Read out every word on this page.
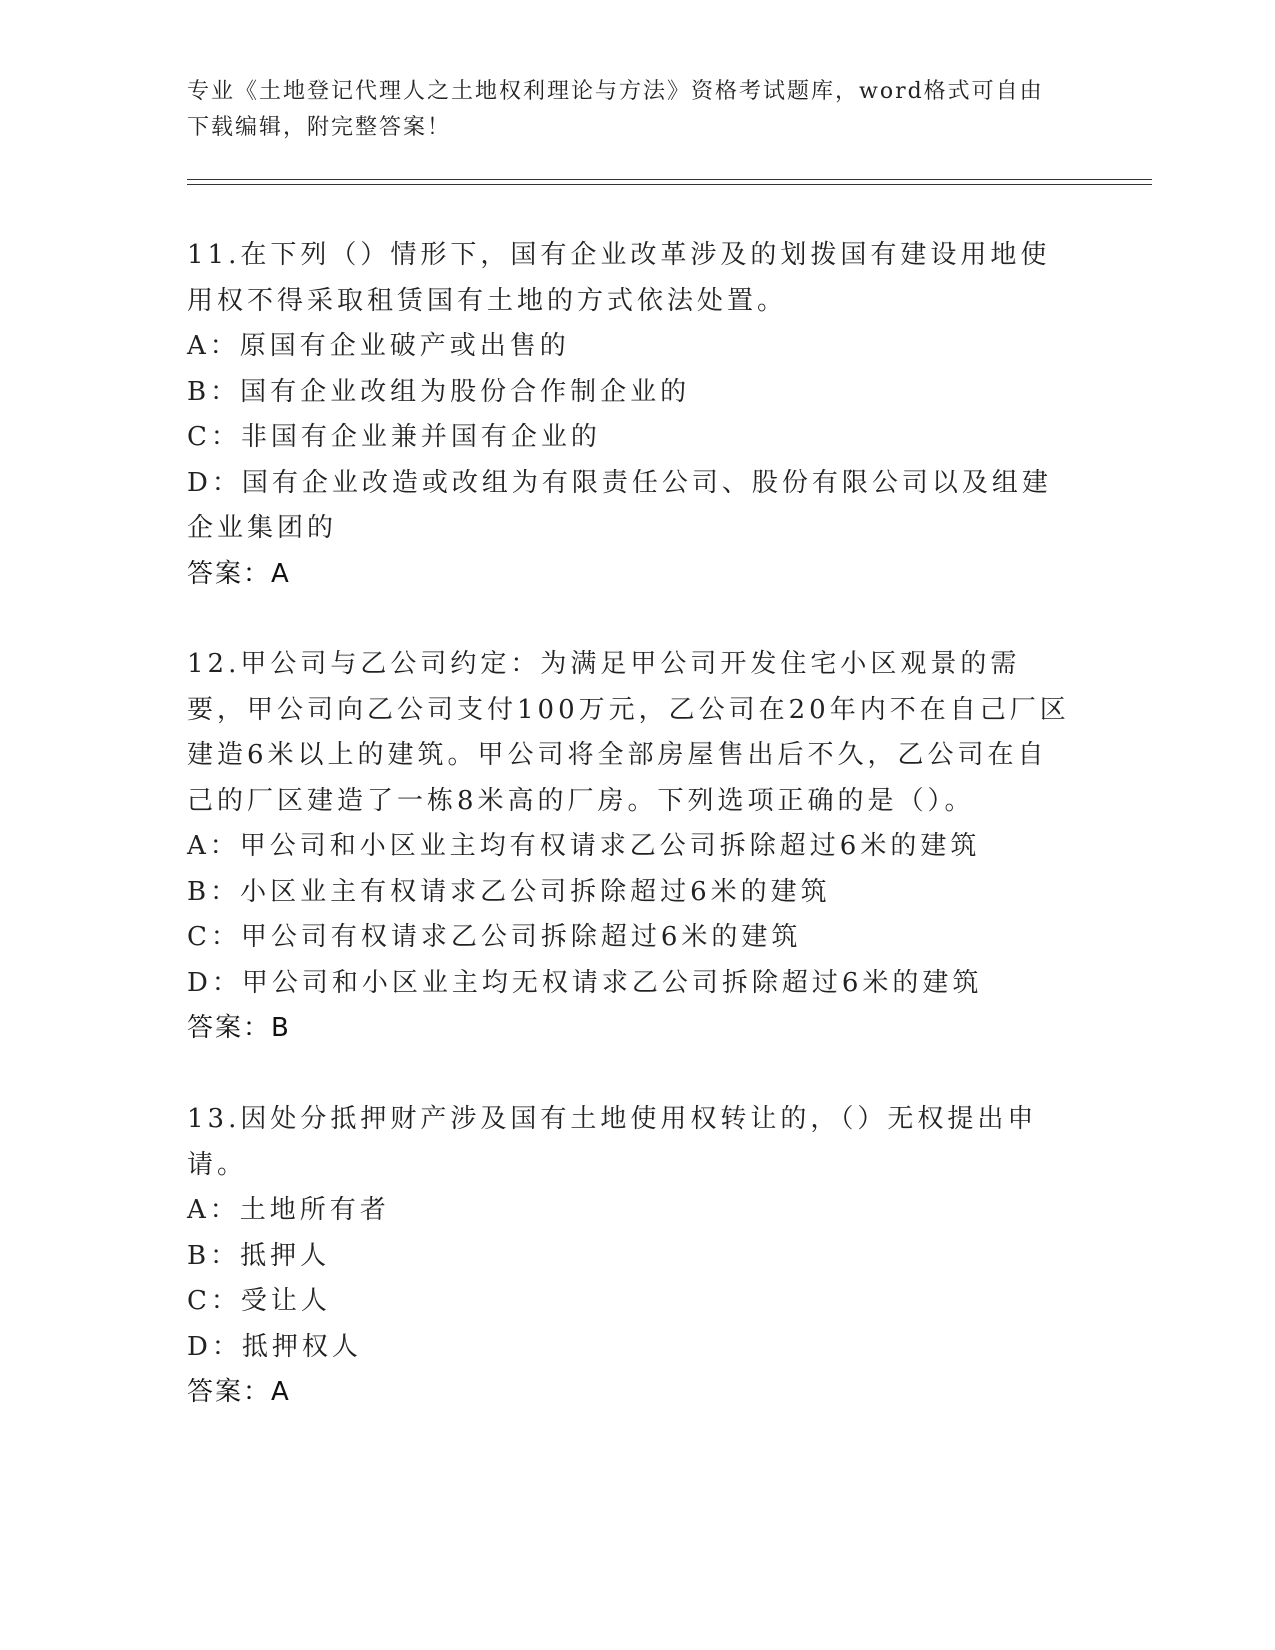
专业《土地登记代理人之土地权利理论与方法》资格考试题库，word格式可自由下载编辑，附完整答案！

11.在下列（）情形下，国有企业改革涉及的划拨国有建设用地使用权不得采取租赁国有土地的方式依法处置。

A：原国有企业破产或出售的

B：国有企业改组为股份合作制企业的

C：非国有企业兼并国有企业的

D：国有企业改造或改组为有限责任公司、股份有限公司以及组建企业集团的

答案：A

12.甲公司与乙公司约定：为满足甲公司开发住宅小区观景的需要，甲公司向乙公司支付100万元，乙公司在20年内不在自己厂区建造6米以上的建筑。甲公司将全部房屋售出后不久，乙公司在自己的厂区建造了一栋8米高的厂房。下列选项正确的是（）。

A：甲公司和小区业主均有权请求乙公司拆除超过6米的建筑

B：小区业主有权请求乙公司拆除超过6米的建筑

C：甲公司有权请求乙公司拆除超过6米的建筑

D：甲公司和小区业主均无权请求乙公司拆除超过6米的建筑

答案：B

13.因处分抵押财产涉及国有土地使用权转让的，（）无权提出申请。

A：土地所有者

B：抵押人

C：受让人

D：抵押权人

答案：A
